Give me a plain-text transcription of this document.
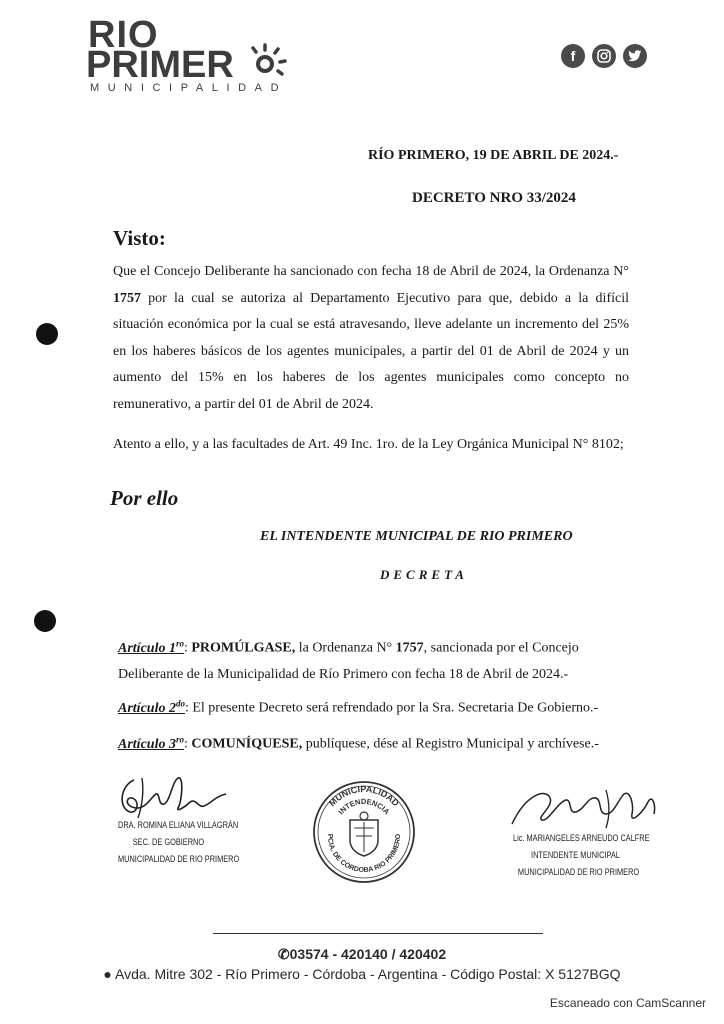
RIO
PRIMER
MUNICIPALIDAD
f
RÍO PRIMERO, 19 DE ABRIL DE 2024.-
DECRETO NRO 33/2024
Visto:
Que el Concejo Deliberante ha sancionado con fecha 18 de Abril de 2024, la Ordenanza N° 1757 por la cual se autoriza al Departamento Ejecutivo para que, debido a la difícil situación económica por la cual se está atravesando, lleve adelante un incremento del 25% en los haberes básicos de los agentes municipales, a partir del 01 de Abril de 2024 y un aumento del 15% en los haberes de los agentes municipales como concepto no remunerativo, a partir del 01 de Abril de 2024.
Atento a ello, y a las facultades de Art. 49 Inc. 1ro. de la Ley Orgánica Municipal N° 8102;
Por ello
EL INTENDENTE MUNICIPAL DE RIO PRIMERO
DECRETA
Artículo $1^{ro}$: PROMÚLGASE, la Ordenanza N° 1757, sancionada por el Concejo Deliberante de la Municipalidad de Río Primero con fecha 18 de Abril de 2024.-
Artículo $2^{do}$: El presente Decreto será refrendado por la Sra. Secretaria De Gobierno.-
Artículo $3^{ro}$: COMUNÍQUESE, publíquese, dése al Registro Municipal y archívese.-
DRA. ROMINA ELIANA VILLAGRÁN
SEC. DE GOBIERNO
MUNICIPALIDAD DE RIO PRIMERO
MUNICIPALIDAD
INTENDENCIA
PCIA. DE CÓRDOBA RIO PRIMERO	Lic. MARIANGELES ARNEUDO CALFRE
INTENDENTE MUNICIPAL
MUNICIPALIDAD DE RIO PRIMERO
✆03574 - 420140 / 420402
● Avda. Mitre 302 - Río Primero - Córdoba - Argentina - Código Postal: X 5127BGQ
Escaneado con CamScanner
